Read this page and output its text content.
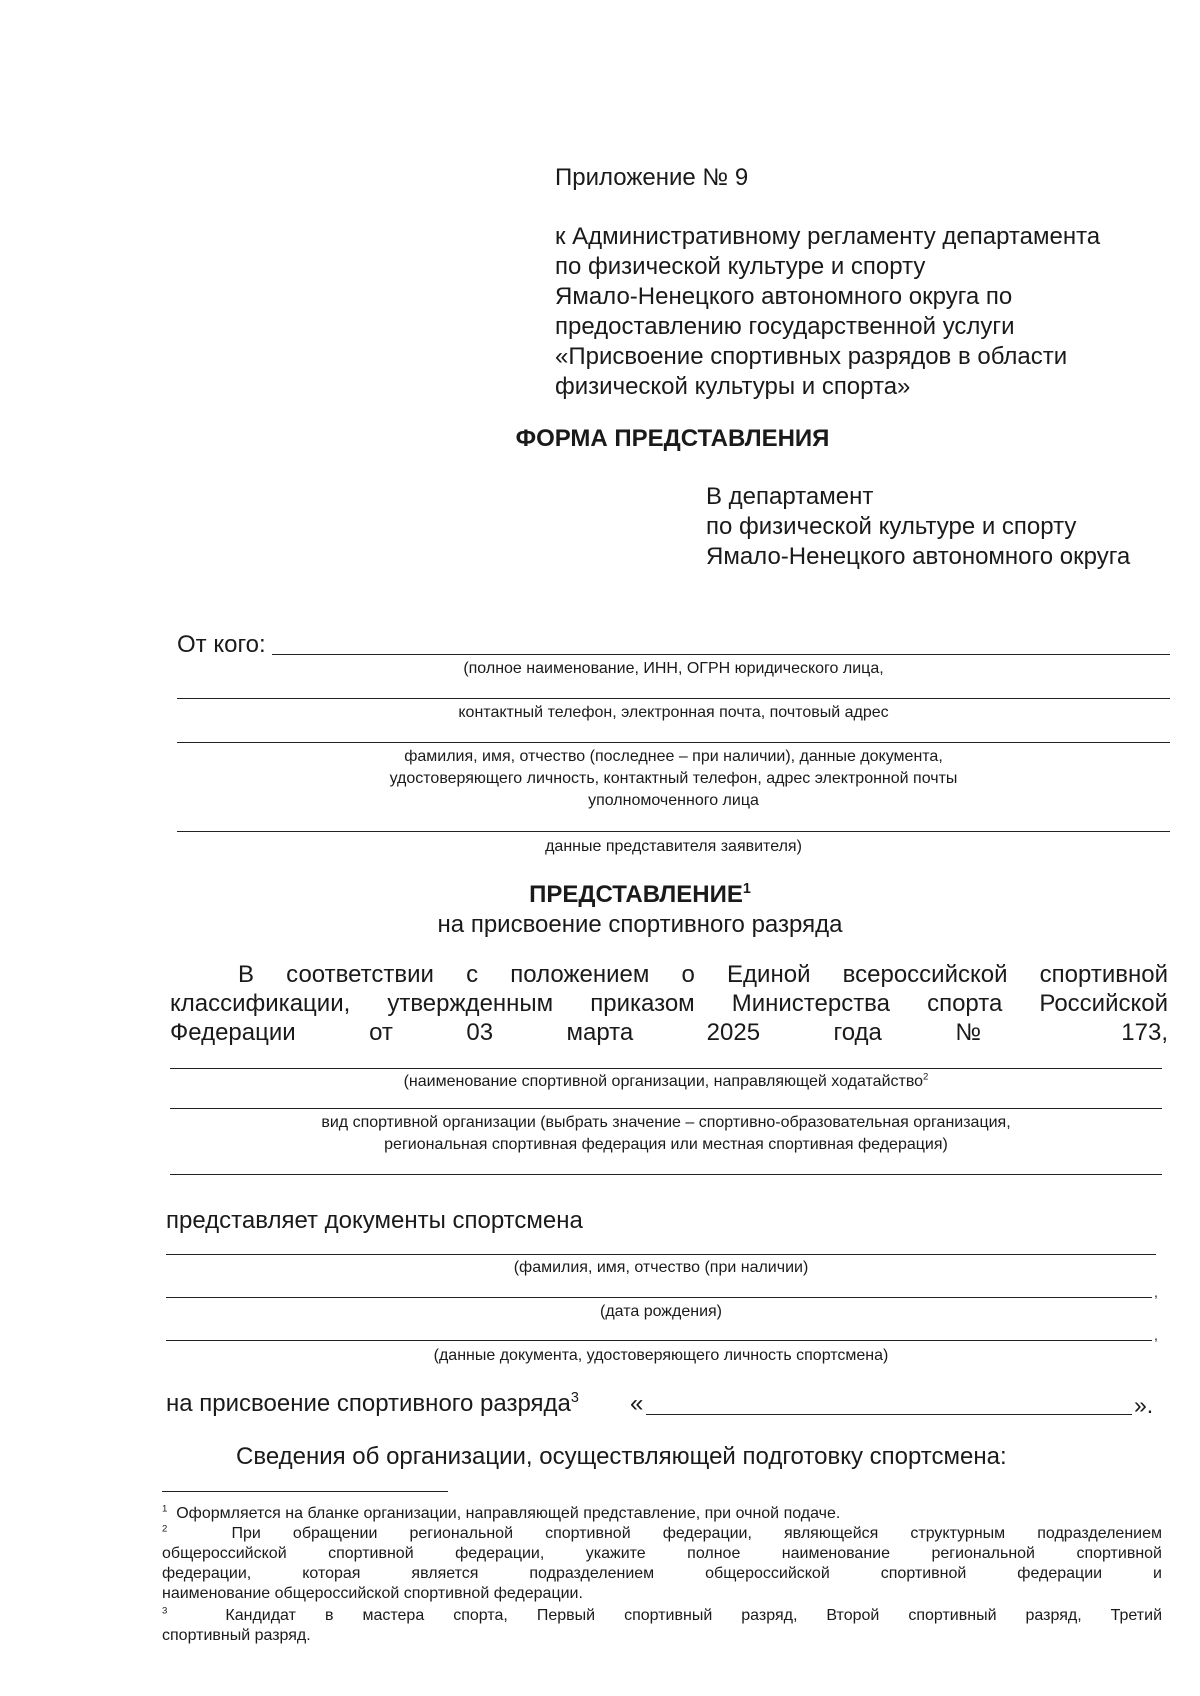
Приложение № 9
к Административному регламенту департамента
по физической культуре и спорту
Ямало-Ненецкого автономного округа по
предоставлению государственной услуги
«Присвоение спортивных разрядов в области
физической культуры и спорта»
ФОРМА ПРЕДСТАВЛЕНИЯ
В департамент
по физической культуре и спорту
Ямало-Ненецкого автономного округа
От кого:
(полное наименование, ИНН, ОГРН юридического лица,
контактный телефон, электронная почта, почтовый адрес
фамилия, имя, отчество (последнее – при наличии), данные документа,
удостоверяющего личность, контактный телефон, адрес электронной почты
уполномоченного лица
данные представителя заявителя)
ПРЕДСТАВЛЕНИЕ$^1$
на присвоение спортивного разряда
В соответствии с положением о Единой всероссийской спортивной
классификации, утвержденным приказом Министерства спорта Российской
Федерации от 03 марта 2025 года № 173,
(наименование спортивной организации, направляющей ходатайство$^2$
вид спортивной организации (выбрать значение – спортивно-образовательная организация,
региональная спортивная федерация или местная спортивная федерация)
представляет документы спортсмена
(фамилия, имя, отчество (при наличии)
,
(дата рождения)
,
(данные документа, удостоверяющего личность спортсмена)
на присвоение спортивного разряда$^3$ «	».
Сведения об организации, осуществляющей подготовку спортсмена:
$^1$ Оформляется на бланке организации, направляющей представление, при очной подаче.
$^2$	При обращении региональной спортивной федерации, являющейся структурным подразделением
общероссийской спортивной федерации, укажите полное наименование региональной спортивной
федерации, которая является подразделением общероссийской спортивной федерации и
наименование общероссийской спортивной федерации.
$^3$	Кандидат в мастера спорта, Первый спортивный разряд, Второй спортивный разряд, Третий
спортивный разряд.
